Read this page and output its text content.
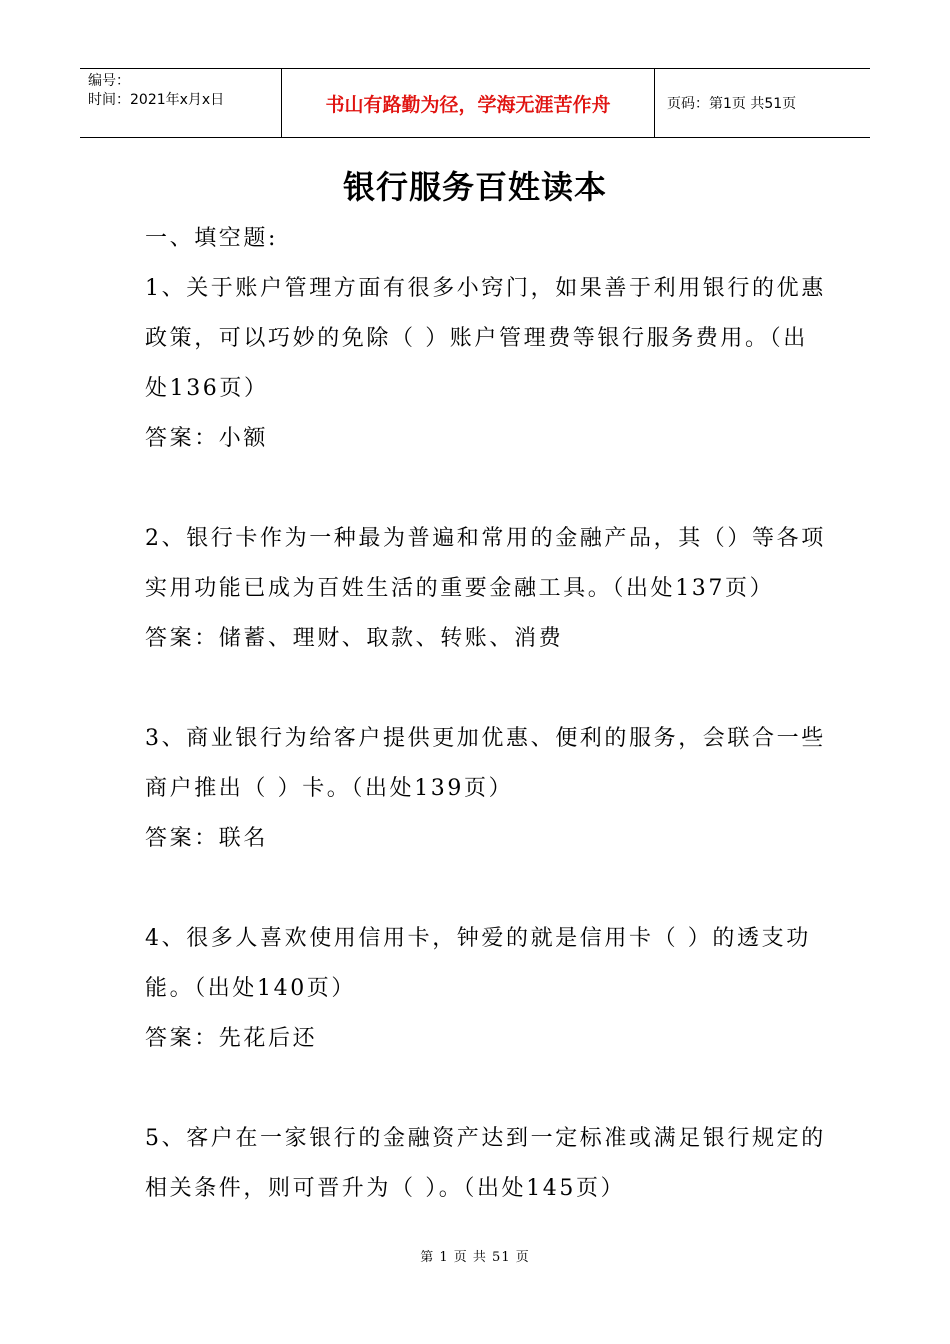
编号：
时间：2021年x月x日	书山有路勤为径，学海无涯苦作舟	页码：第1页 共51页
银行服务百姓读本
一、填空题:
1、关于账户管理方面有很多小窍门，如果善于利用银行的优惠
政策，可以巧妙的免除（ ）账户管理费等银行服务费用。（出
处136页）
答案：小额
2、银行卡作为一种最为普遍和常用的金融产品，其（）等各项
实用功能已成为百姓生活的重要金融工具。（出处137页）
答案：储蓄、理财、取款、转账、消费
3、商业银行为给客户提供更加优惠、便利的服务，会联合一些
商户推出（ ）卡。（出处139页）
答案：联名
4、很多人喜欢使用信用卡，钟爱的就是信用卡（ ）的透支功
能。（出处140页）
答案：先花后还
5、客户在一家银行的金融资产达到一定标准或满足银行规定的
相关条件，则可晋升为（ ）。（出处145页）
第 1 页 共 51 页
